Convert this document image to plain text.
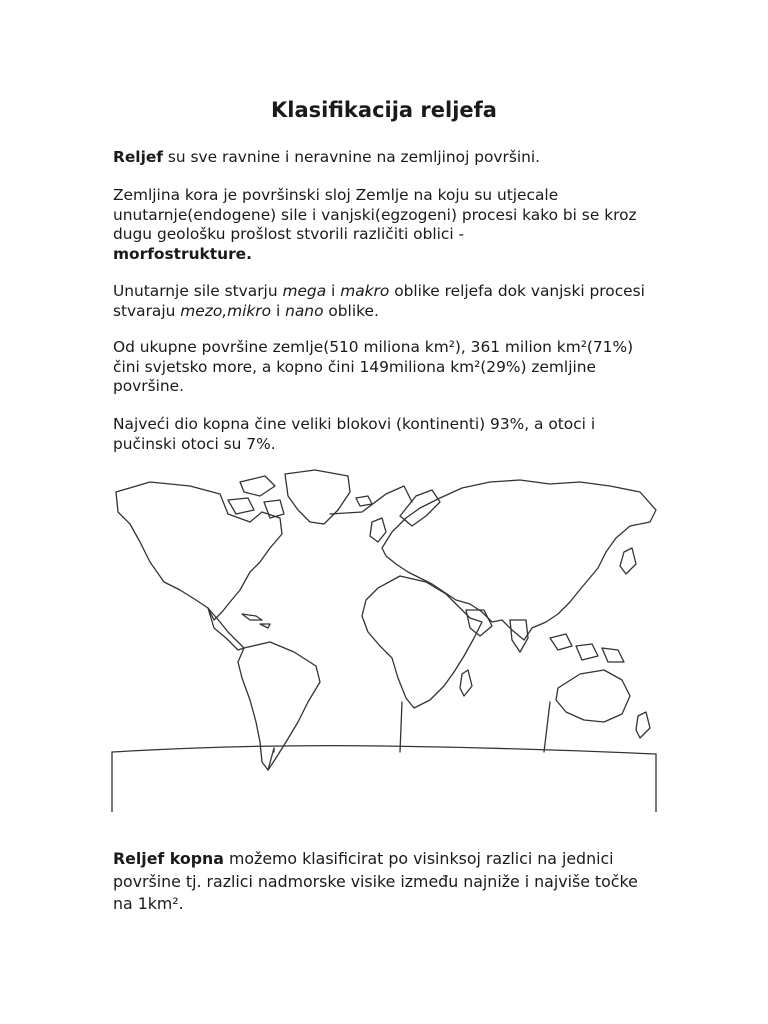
Klasifikacija reljefa

Reljef su sve ravnine i neravnine na zemljinoj površini.

Zemljina kora je površinski sloj Zemlje na koju su utjecale unutarnje(endogene) sile i vanjski(egzogeni) procesi kako bi se kroz dugu geološku prošlost stvorili različiti oblici -
morfostrukture.

Unutarnje sile stvarju mega i makro oblike reljefa dok vanjski procesi stvaraju mezo,mikro i nano oblike.

Od ukupne površine zemlje(510 miliona km²), 361 milion km²(71%) čini svjetsko more, a kopno čini 149miliona km²(29%) zemljine površine.

Najveći dio kopna čine veliki blokovi (kontinenti) 93%, a otoci i pučinski otoci su 7%.

Reljef kopna možemo klasificirat po visinksoj razlici na jednici površine tj. razlici nadmorske visike između najniže i najviše točke na 1km².
